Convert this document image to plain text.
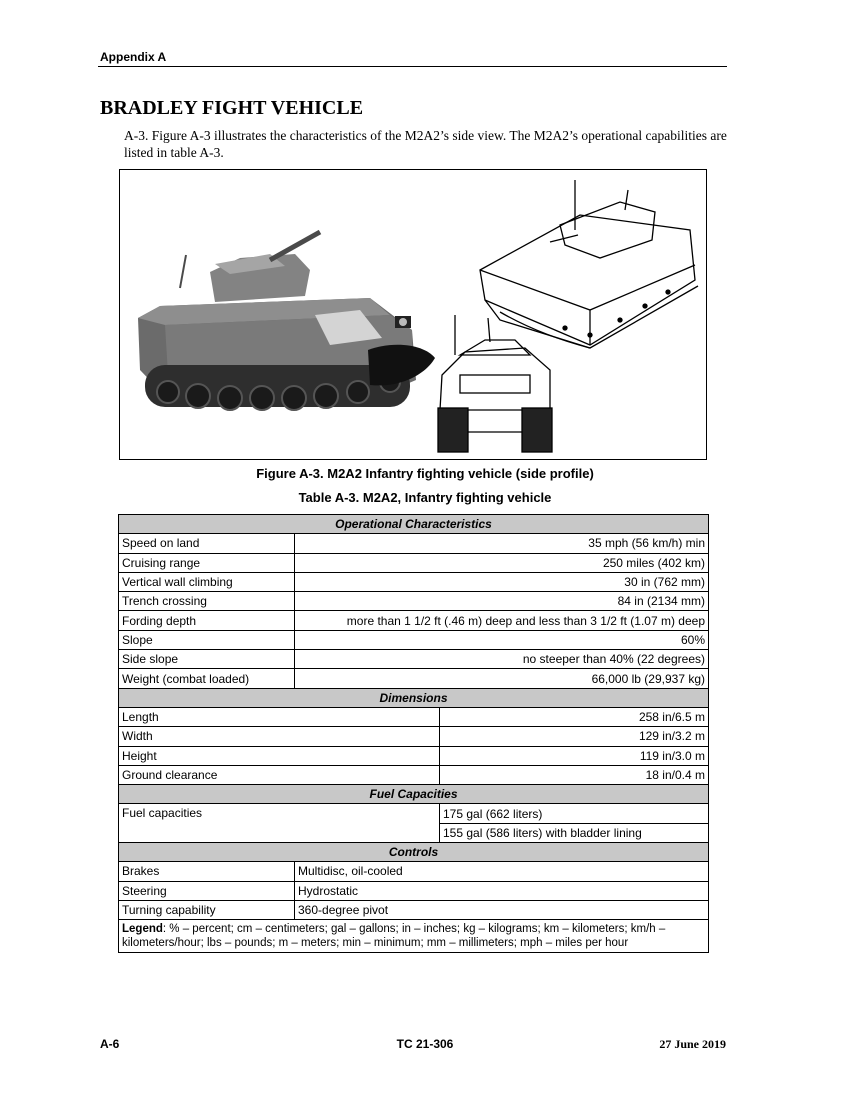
Appendix A
BRADLEY FIGHT VEHICLE
A-3. Figure A-3 illustrates the characteristics of the M2A2’s side view. The M2A2’s operational capabilities are listed in table A-3.
Figure A-3. M2A2 Infantry fighting vehicle (side profile)
Table A-3. M2A2, Infantry fighting vehicle
Operational Characteristics		
Speed on land	35 mph (56 km/h) min	
Cruising range	250 miles (402 km)	
Vertical wall climbing	30 in (762 mm)	
Trench crossing	84 in (2134 mm)	
Fording depth	more than 1 1/2 ft (.46 m) deep and less than 3 1/2 ft (1.07 m) deep	
Slope	60%	
Side slope	no steeper than 40% (22 degrees)	
Weight (combat loaded)	66,000 lb (29,937 kg)	
Dimensions		
Length		258 in/6.5 m
Width		129 in/3.2 m
Height		119 in/3.0 m
Ground clearance		18 in/0.4 m
Fuel Capacities		
Fuel capacities		175 gal (662 liters)
		155 gal (586 liters) with bladder lining
Controls		
Brakes	Multidisc, oil-cooled	
Steering	Hydrostatic	
Turning capability	360-degree pivot	
Legend: % – percent; cm – centimeters; gal – gallons; in – inches; kg – kilograms; km – kilometers; km/h – kilometers/hour; lbs – pounds; m – meters; min – minimum; mm – millimeters; mph – miles per hour		
A-6	TC 21-306	27 June 2019
